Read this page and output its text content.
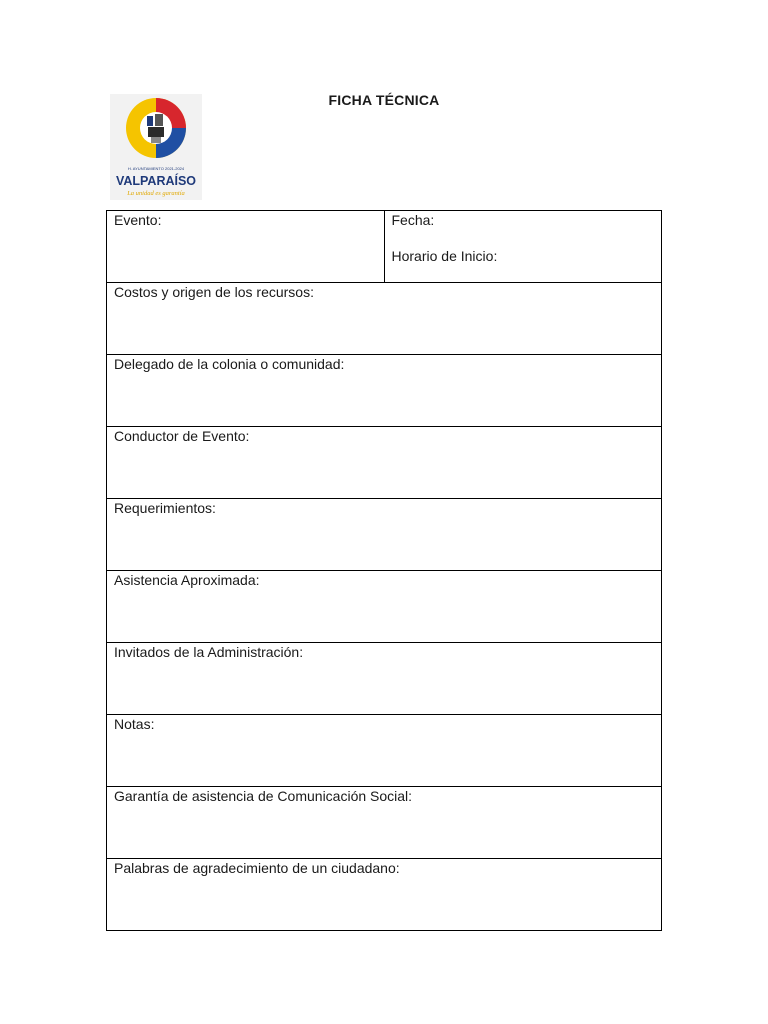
H. AYUNTAMIENTO 2021-2024
VALPARAÍSO
La unidad es garantía
FICHA TÉCNICA
Evento:	Fecha:
Horario de Inicio:

Costos y origen de los recursos:

Delegado de la colonia o comunidad:

Conductor de Evento:

Requerimientos:

Asistencia Aproximada:

Invitados de la Administración:

Notas:

Garantía de asistencia de Comunicación Social:

Palabras de agradecimiento de un ciudadano:
